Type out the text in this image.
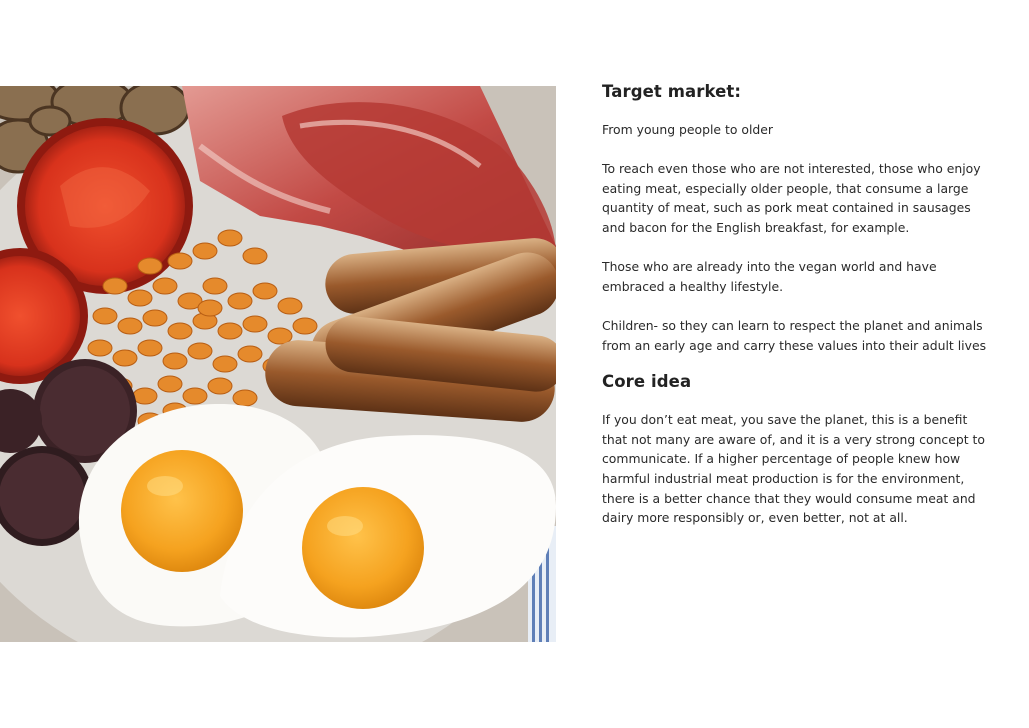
Target market:

From young people to older

To reach even those who are not interested, those who enjoy eating meat, especially older people, that consume a large quantity of meat, such as pork meat contained in sausages and bacon for the English breakfast, for example.

Those who are already into the vegan world and have embraced a healthy lifestyle.

Children- so they can learn to respect the planet and animals from an early age and carry these values into their adult lives

Core idea

If you don’t eat meat, you save the planet, this is a benefit that not many are aware of, and it is a very strong concept to communicate. If a higher percentage of people knew how harmful industrial meat production is for the environment, there is a better chance that they would consume meat and dairy more responsibly or, even better, not at all.
